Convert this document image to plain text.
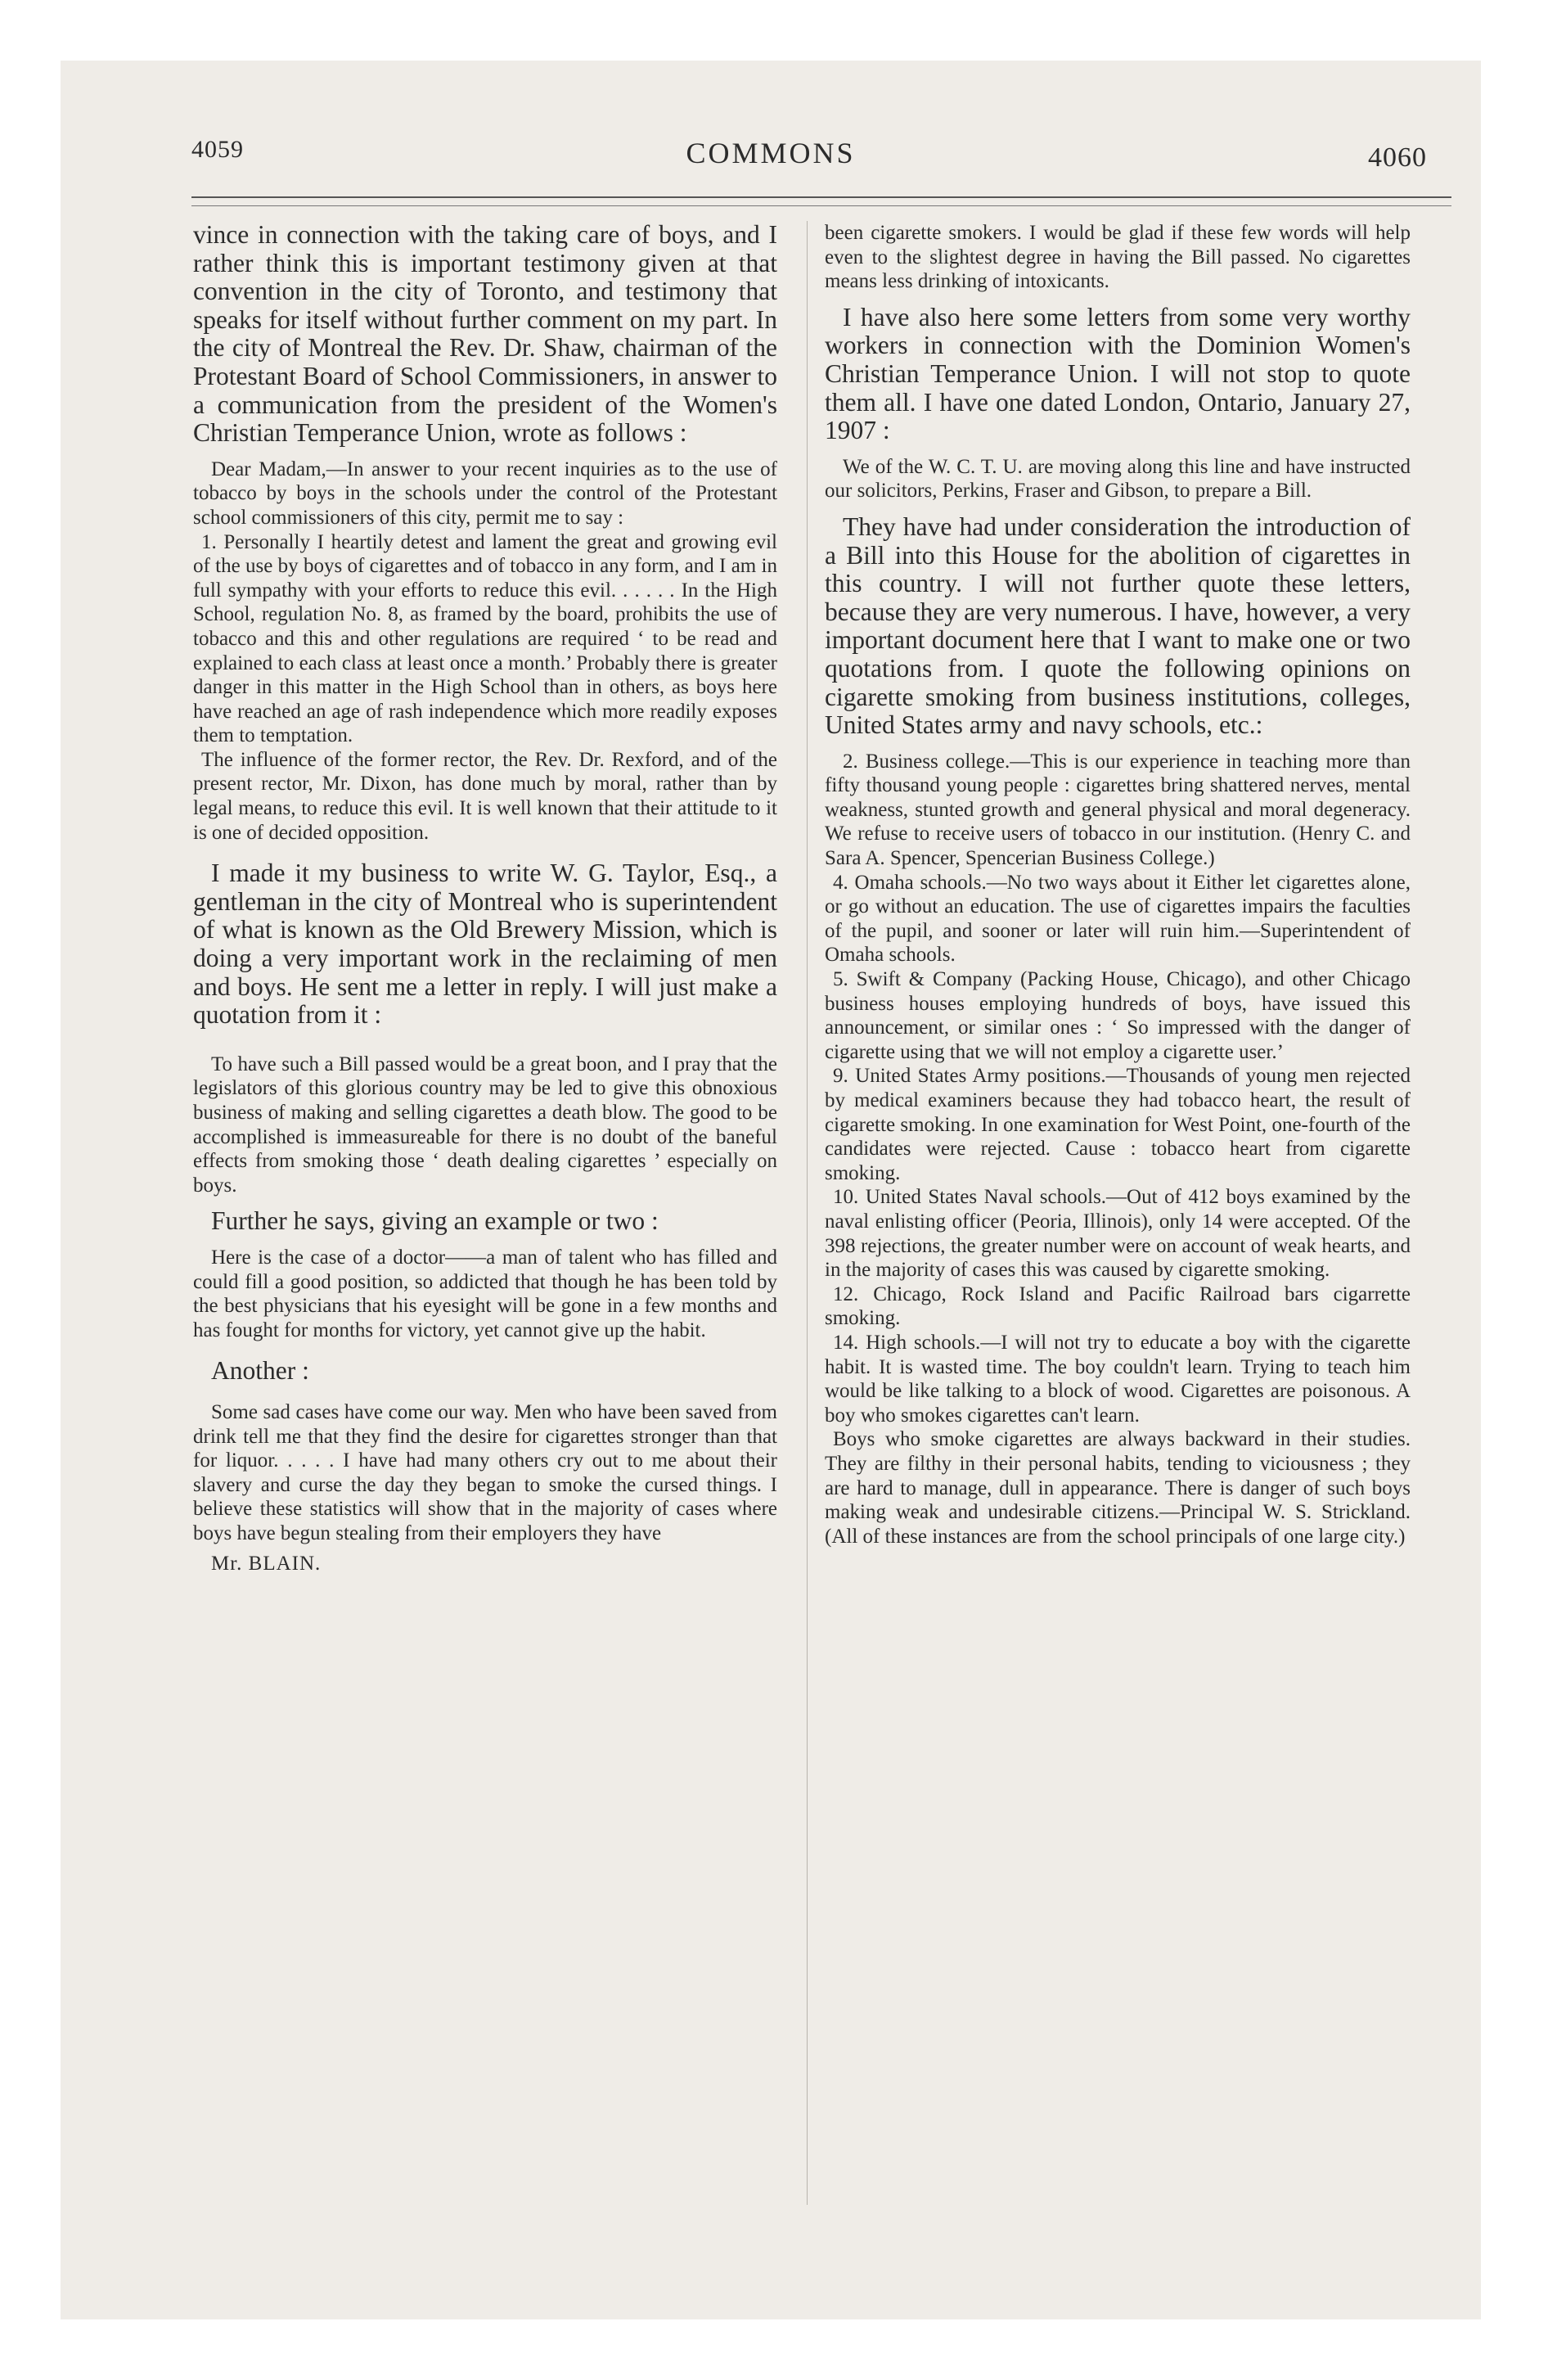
4059	COMMONS	4060

vince in connection with the taking care of boys, and I rather think this is important testimony given at that convention in the city of Toronto, and testimony that speaks for itself without further comment on my part. In the city of Montreal the Rev. Dr. Shaw, chairman of the Protestant Board of School Commissioners, in answer to a communication from the president of the Women's Christian Temperance Union, wrote as follows :

Dear Madam,—In answer to your recent inquiries as to the use of tobacco by boys in the schools under the control of the Protestant school commissioners of this city, permit me to say :

1. Personally I heartily detest and lament the great and growing evil of the use by boys of cigarettes and of tobacco in any form, and I am in full sympathy with your efforts to reduce this evil. . . . . . In the High School, regulation No. 8, as framed by the board, prohibits the use of tobacco and this and other regulations are required ‘ to be read and explained to each class at least once a month.’ Probably there is greater danger in this matter in the High School than in others, as boys here have reached an age of rash independence which more readily exposes them to temptation.

The influence of the former rector, the Rev. Dr. Rexford, and of the present rector, Mr. Dixon, has done much by moral, rather than by legal means, to reduce this evil. It is well known that their attitude to it is one of decided opposition.

I made it my business to write W. G. Taylor, Esq., a gentleman in the city of Montreal who is superintendent of what is known as the Old Brewery Mission, which is doing a very important work in the reclaiming of men and boys. He sent me a letter in reply. I will just make a quotation from it :

To have such a Bill passed would be a great boon, and I pray that the legislators of this glorious country may be led to give this obnoxious business of making and selling cigarettes a death blow. The good to be accomplished is immeasureable for there is no doubt of the baneful effects from smoking those ‘ death dealing cigarettes ’ especially on boys.

Further he says, giving an example or two :

Here is the case of a doctor——a man of talent who has filled and could fill a good position, so addicted that though he has been told by the best physicians that his eyesight will be gone in a few months and has fought for months for victory, yet cannot give up the habit.

Another :

Some sad cases have come our way. Men who have been saved from drink tell me that they find the desire for cigarettes stronger than that for liquor. . . . . I have had many others cry out to me about their slavery and curse the day they began to smoke the cursed things. I believe these statistics will show that in the majority of cases where boys have begun stealing from their employers they have

Mr. BLAIN.

been cigarette smokers. I would be glad if these few words will help even to the slightest degree in having the Bill passed. No cigarettes means less drinking of intoxicants.

I have also here some letters from some very worthy workers in connection with the Dominion Women's Christian Temperance Union. I will not stop to quote them all. I have one dated London, Ontario, January 27, 1907 :

We of the W. C. T. U. are moving along this line and have instructed our solicitors, Perkins, Fraser and Gibson, to prepare a Bill.

They have had under consideration the introduction of a Bill into this House for the abolition of cigarettes in this country. I will not further quote these letters, because they are very numerous. I have, however, a very important document here that I want to make one or two quotations from. I quote the following opinions on cigarette smoking from business institutions, colleges, United States army and navy schools, etc.:

2. Business college.—This is our experience in teaching more than fifty thousand young people : cigarettes bring shattered nerves, mental weakness, stunted growth and general physical and moral degeneracy. We refuse to receive users of tobacco in our institution. (Henry C. and Sara A. Spencer, Spencerian Business College.)

4. Omaha schools.—No two ways about it Either let cigarettes alone, or go without an education. The use of cigarettes impairs the faculties of the pupil, and sooner or later will ruin him.—Superintendent of Omaha schools.

5. Swift & Company (Packing House, Chicago), and other Chicago business houses employing hundreds of boys, have issued this announcement, or similar ones : ‘ So impressed with the danger of cigarette using that we will not employ a cigarette user.’

9. United States Army positions.—Thousands of young men rejected by medical examiners because they had tobacco heart, the result of cigarette smoking. In one examination for West Point, one-fourth of the candidates were rejected. Cause : tobacco heart from cigarette smoking.

10. United States Naval schools.—Out of 412 boys examined by the naval enlisting officer (Peoria, Illinois), only 14 were accepted. Of the 398 rejections, the greater number were on account of weak hearts, and in the majority of cases this was caused by cigarette smoking.

12. Chicago, Rock Island and Pacific Railroad bars cigarrette smoking.

14. High schools.—I will not try to educate a boy with the cigarette habit. It is wasted time. The boy couldn't learn. Trying to teach him would be like talking to a block of wood. Cigarettes are poisonous. A boy who smokes cigarettes can't learn.

Boys who smoke cigarettes are always backward in their studies. They are filthy in their personal habits, tending to viciousness ; they are hard to manage, dull in appearance. There is danger of such boys making weak and undesirable citizens.—Principal W. S. Strickland. (All of these instances are from the school principals of one large city.)
